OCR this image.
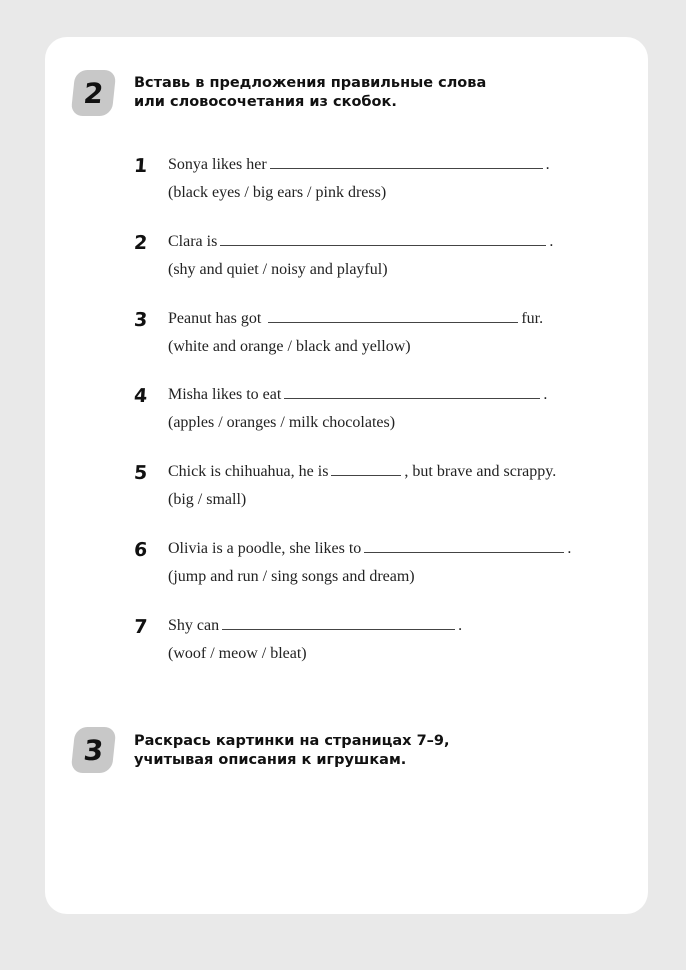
2 Вставь в предложения правильные слова
или словосочетания из скобок.
1	Sonya likes her	.
(black eyes / big ears / pink dress)
2	Clara is	.
(shy and quiet / noisy and playful)
3	Peanut has got	fur.
(white and orange / black and yellow)
4	Misha likes to eat	.
(apples / oranges / milk chocolates)
5	Chick is chihuahua, he is	, but brave and scrappy.
(big / small)
6	Olivia is a poodle, she likes to	.
(jump and run / sing songs and dream)
7	Shy can	.
(woof / meow / bleat)
3 Раскрась картинки на страницах 7–9,
учитывая описания к игрушкам.
